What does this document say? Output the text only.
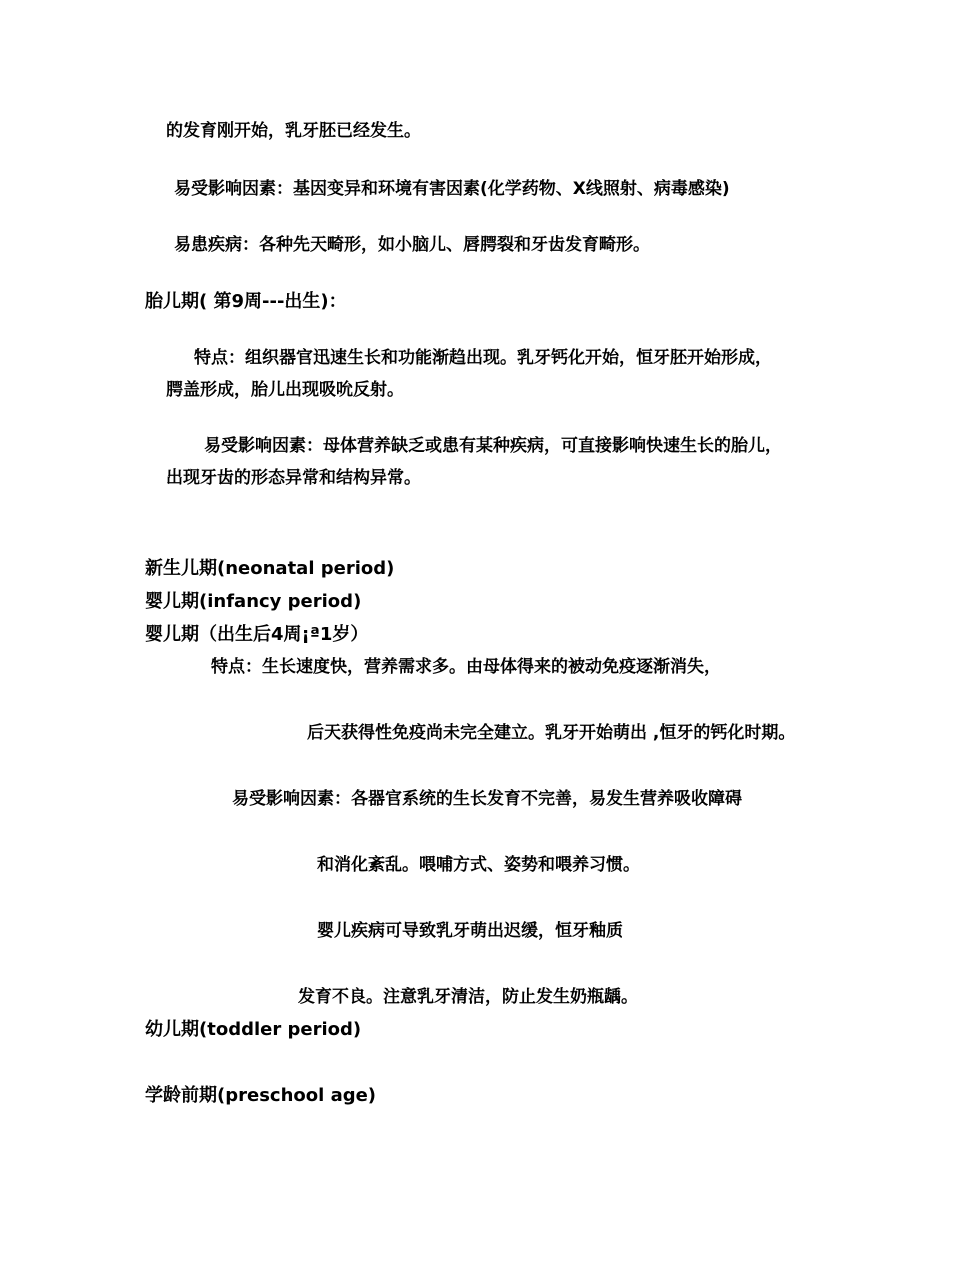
的发育刚开始，乳牙胚已经发生。

易受影响因素：基因变异和环境有害因素(化学药物、X线照射、病毒感染)

易患疾病：各种先天畸形，如小脑儿、唇腭裂和牙齿发育畸形。

胎儿期( 第9周---出生)：

特点：组织器官迅速生长和功能渐趋出现。乳牙钙化开始，恒牙胚开始形成，

腭盖形成，胎儿出现吸吮反射。

易受影响因素：母体营养缺乏或患有某种疾病，可直接影响快速生长的胎儿，

出现牙齿的形态异常和结构异常。

新生儿期(neonatal period)

婴儿期(infancy period)

婴儿期（出生后4周¡ª1岁）

特点：生长速度快，营养需求多。由母体得来的被动免疫逐渐消失，

后天获得性免疫尚未完全建立。乳牙开始萌出 ,恒牙的钙化时期。

易受影响因素：各器官系统的生长发育不完善，易发生营养吸收障碍

和消化紊乱。喂哺方式、姿势和喂养习惯。

婴儿疾病可导致乳牙萌出迟缓，恒牙釉质

发育不良。注意乳牙清洁，防止发生奶瓶龋。

幼儿期(toddler period)

学龄前期(preschool age)
